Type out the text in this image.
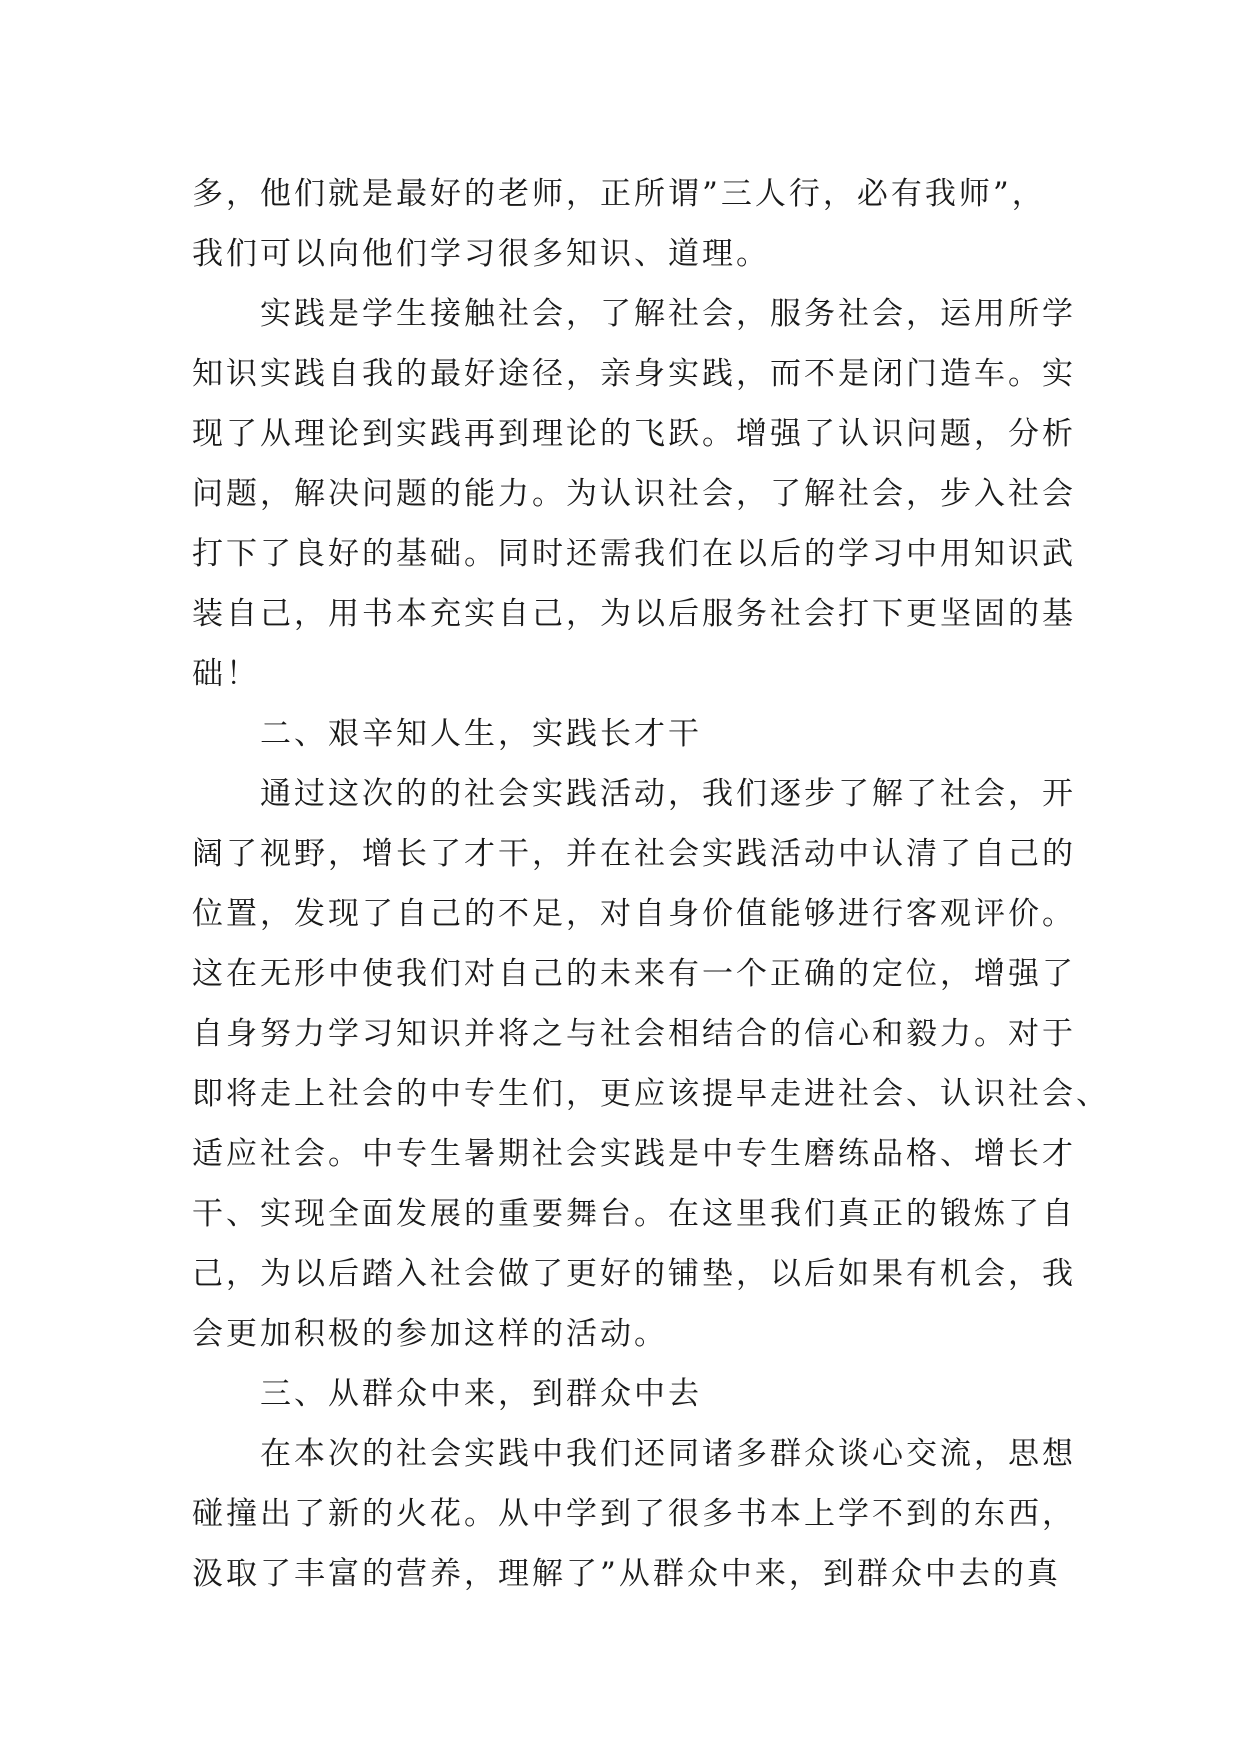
多，他们就是最好的老师，正所谓”三人行，必有我师”，
我们可以向他们学习很多知识、道理。
实践是学生接触社会，了解社会，服务社会，运用所学
知识实践自我的最好途径，亲身实践，而不是闭门造车。实
现了从理论到实践再到理论的飞跃。增强了认识问题，分析
问题，解决问题的能力。为认识社会，了解社会，步入社会
打下了良好的基础。同时还需我们在以后的学习中用知识武
装自己，用书本充实自己，为以后服务社会打下更坚固的基
础！
二、艰辛知人生，实践长才干
通过这次的的社会实践活动，我们逐步了解了社会，开
阔了视野，增长了才干，并在社会实践活动中认清了自己的
位置，发现了自己的不足，对自身价值能够进行客观评价。
这在无形中使我们对自己的未来有一个正确的定位，增强了
自身努力学习知识并将之与社会相结合的信心和毅力。对于
即将走上社会的中专生们，更应该提早走进社会、认识社会、
适应社会。中专生暑期社会实践是中专生磨练品格、增长才
干、实现全面发展的重要舞台。在这里我们真正的锻炼了自
己，为以后踏入社会做了更好的铺垫，以后如果有机会，我
会更加积极的参加这样的活动。
三、从群众中来，到群众中去
在本次的社会实践中我们还同诸多群众谈心交流，思想
碰撞出了新的火花。从中学到了很多书本上学不到的东西，
汲取了丰富的营养，理解了”从群众中来，到群众中去的真
